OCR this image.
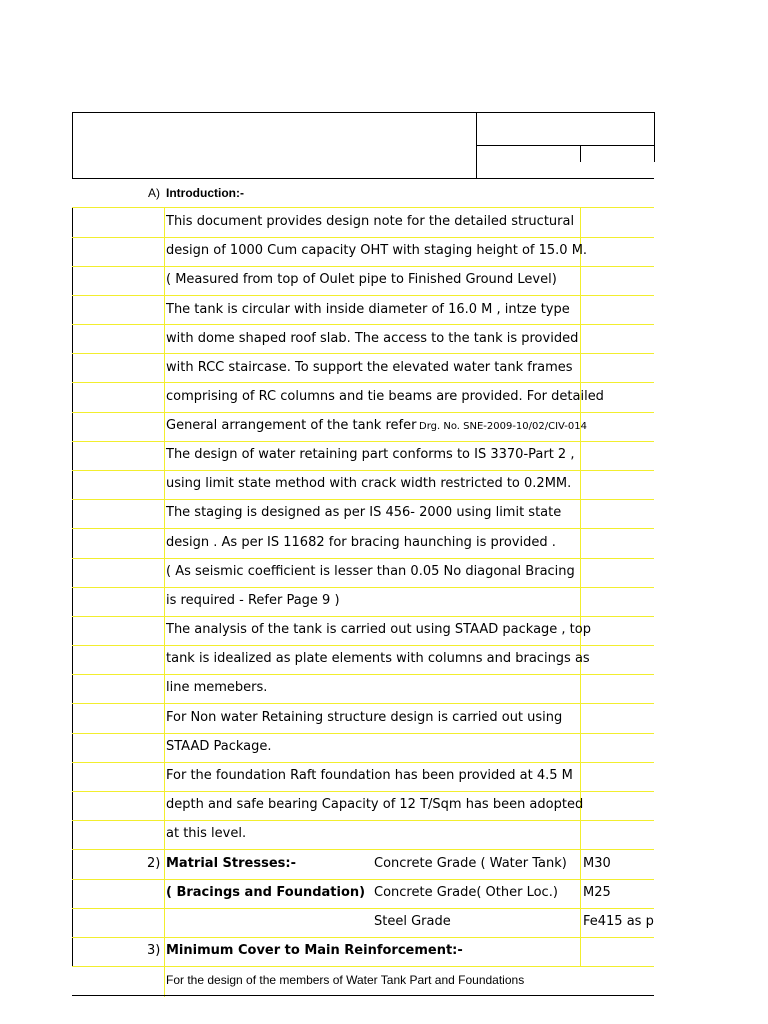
A) Introduction:-
This document provides design note for the detailed structural
design of 1000 Cum capacity OHT with staging height of 15.0 M.
( Measured from top of Oulet pipe to Finished Ground Level)
The tank is circular with inside diameter of 16.0 M , intze type
with dome shaped roof slab. The access to the tank is provided
with RCC staircase. To support the elevated water tank frames
comprising of RC columns and tie beams are provided. For detailed
General arrangement of the tank refer Drg. No. SNE-2009-10/02/CIV-014
The design of water retaining part conforms to IS 3370-Part 2 ,
using limit state method with crack width restricted to 0.2MM.
The staging is designed as per IS 456- 2000 using limit state
design . As per IS 11682 for bracing haunching is provided .
( As seismic coefficient is lesser than 0.05 No diagonal Bracing
is required - Refer Page 9 )
The analysis of the tank is carried out using STAAD package , top
tank is idealized as plate elements with columns and bracings as
line memebers.
For Non water Retaining structure design is carried out using
STAAD Package.
For the foundation Raft foundation has been provided at 4.5 M
depth and safe bearing Capacity of 12 T/Sqm has been adopted
at this level.
2) Matrial Stresses:-
( Bracings and Foundation)
Concrete Grade ( Water Tank) M30
Concrete Grade( Other Loc.) M25
Steel Grade	Fe415 as p
3) Minimum Cover to Main Reinforcement:-
For the design of the members of Water Tank Part and Foundations
